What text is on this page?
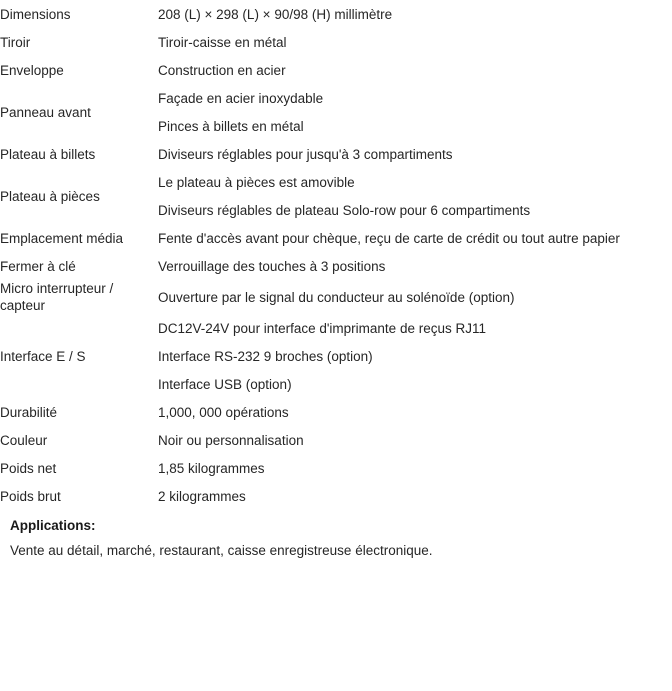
Dimensions	208 (L) × 298 (L) × 90/98 (H) millimètre
Tiroir	Tiroir-caisse en métal
Enveloppe	Construction en acier
Panneau avant	Façade en acier inoxydable
	Pinces à billets en métal
Plateau à billets	Diviseurs réglables pour jusqu'à 3 compartiments
Plateau à pièces	Le plateau à pièces est amovible
	Diviseurs réglables de plateau Solo-row pour 6 compartiments
Emplacement média	Fente d'accès avant pour chèque, reçu de carte de crédit ou tout autre papier
Fermer à clé	Verrouillage des touches à 3 positions
Micro interrupteur / capteur	Ouverture par le signal du conducteur au solénoïde (option)
Interface E / S	DC12V-24V pour interface d'imprimante de reçus RJ11
	Interface RS-232 9 broches (option)
	Interface USB (option)
Durabilité	1,000, 000 opérations
Couleur	Noir ou personnalisation
Poids net	1,85 kilogrammes
Poids brut	2 kilogrammes
Applications:
Vente au détail, marché, restaurant, caisse enregistreuse électronique.
